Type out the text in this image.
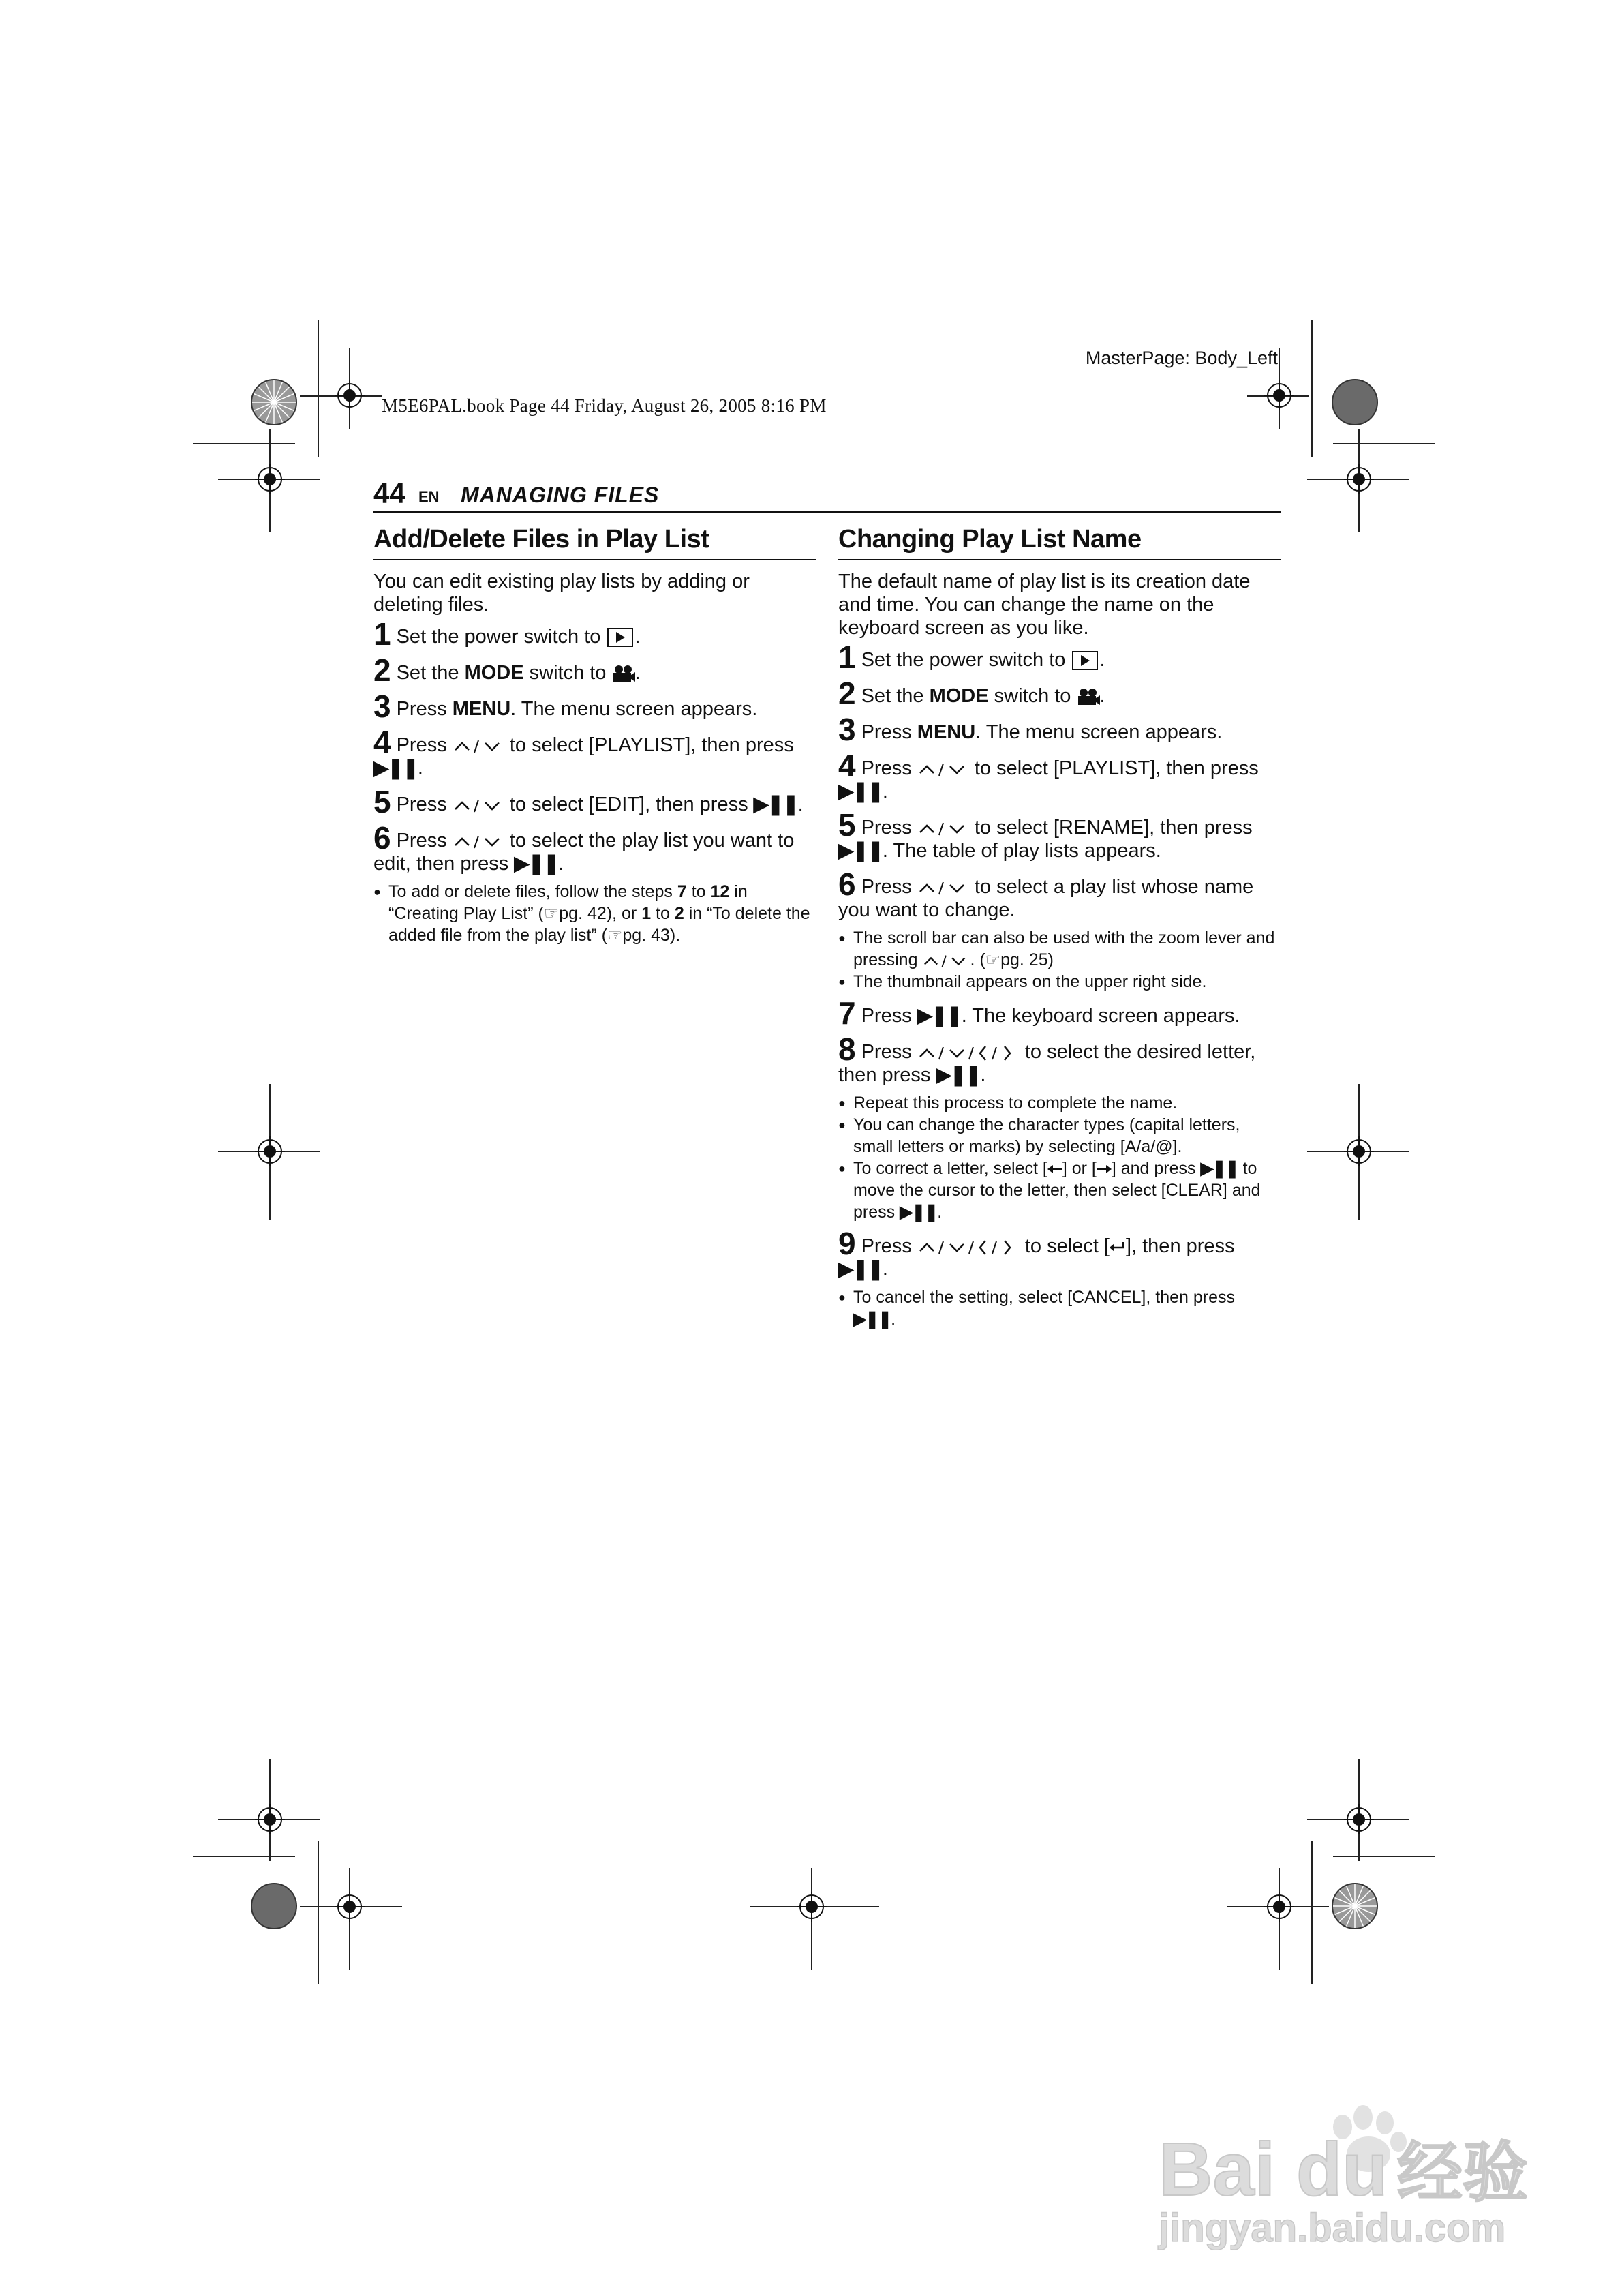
MasterPage: Body_Left
M5E6PAL.book Page 44 Friday, August 26, 2005 8:16 PM
44 EN MANAGING FILES
Add/Delete Files in Play List
You can edit existing play lists by adding or deleting files.
1 Set the power switch to .
2 Set the MODE switch to .
3 Press MENU. The menu screen appears.
4 Press	to select [PLAYLIST], then press ▶❚❚.
5 Press	to select [EDIT], then press ▶❚❚.
6 Press	to select the play list you want to edit, then press ▶❚❚.
● To add or delete files, follow the steps 7 to 12 in “Creating Play List” (☞pg. 42), or 1 to 2 in “To delete the added file from the play list” (☞pg. 43).
Changing Play List Name
The default name of play list is its creation date and time. You can change the name on the keyboard screen as you like.
1 Set the power switch to .
2 Set the MODE switch to .
3 Press MENU. The menu screen appears.
4 Press	to select [PLAYLIST], then press ▶❚❚.
5 Press	to select [RENAME], then press ▶❚❚. The table of play lists appears.
6 Press	to select a play list whose name you want to change.
● The scroll bar can also be used with the zoom lever and pressing	. (☞pg. 25)
● The thumbnail appears on the upper right side.
7 Press ▶❚❚. The keyboard screen appears.
8 Press	to select the desired letter, then press ▶❚❚.
● Repeat this process to complete the name.
● You can change the character types (capital letters, small letters or marks) by selecting [A/a/@].
● To correct a letter, select [ ] or [ ] and press ▶❚❚ to move the cursor to the letter, then select [CLEAR] and press ▶❚❚.
9 Press	to select [ ], then press ▶❚❚.
● To cancel the setting, select [CANCEL], then press ▶❚❚.
Bai du 经验
jingyan.baidu.com
